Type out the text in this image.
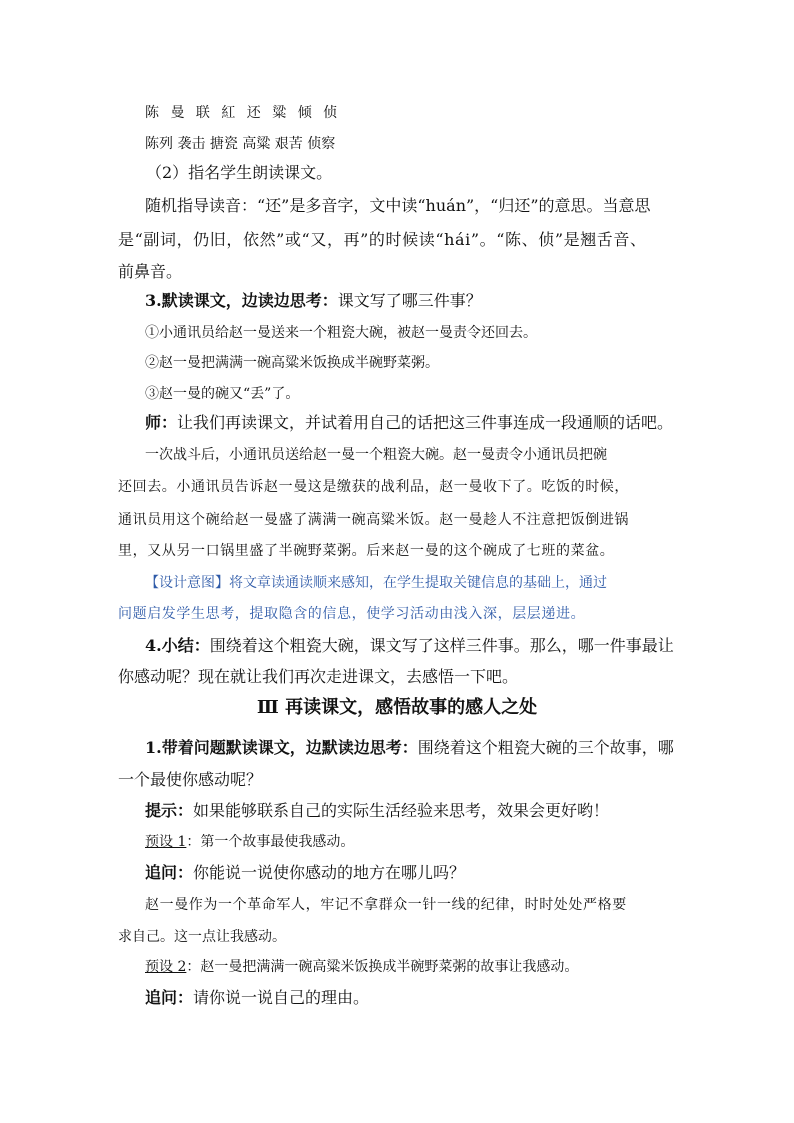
陈 曼 联 紅 还 粱 倾 侦
陈列 袭击 搪瓷 高粱 艰苦 侦察
（2）指名学生朗读课文。
随机指导读音：“还”是多音字，文中读“huán”，“归还”的意思。当意思
是“副词，仍旧，依然”或“又，再”的时候读“hái”。“陈、侦”是翘舌音、
前鼻音。
3.默读课文，边读边思考：课文写了哪三件事？
①小通讯员给赵一曼送来一个粗瓷大碗，被赵一曼责令还回去。
②赵一曼把满满一碗高粱米饭换成半碗野菜粥。
③赵一曼的碗又“丢”了。
师：让我们再读课文，并试着用自己的话把这三件事连成一段通顺的话吧。
一次战斗后，小通讯员送给赵一曼一个粗瓷大碗。赵一曼责令小通讯员把碗
还回去。小通讯员告诉赵一曼这是缴获的战利品，赵一曼收下了。吃饭的时候，
通讯员用这个碗给赵一曼盛了满满一碗高粱米饭。赵一曼趁人不注意把饭倒进锅
里，又从另一口锅里盛了半碗野菜粥。后来赵一曼的这个碗成了七班的菜盆。
【设计意图】将文章读通读顺来感知，在学生提取关键信息的基础上，通过
问题启发学生思考，提取隐含的信息，使学习活动由浅入深，层层递进。
4.小结：围绕着这个粗瓷大碗，课文写了这样三件事。那么，哪一件事最让
你感动呢？现在就让我们再次走进课文，去感悟一下吧。
Ⅲ 再读课文，感悟故事的感人之处
1.带着问题默读课文，边默读边思考：围绕着这个粗瓷大碗的三个故事，哪
一个最使你感动呢？
提示：如果能够联系自己的实际生活经验来思考，效果会更好哟！
预设 1：第一个故事最使我感动。
追问：你能说一说使你感动的地方在哪儿吗？
赵一曼作为一个革命军人，牢记不拿群众一针一线的纪律，时时处处严格要
求自己。这一点让我感动。
预设 2：赵一曼把满满一碗高粱米饭换成半碗野菜粥的故事让我感动。
追问：请你说一说自己的理由。
